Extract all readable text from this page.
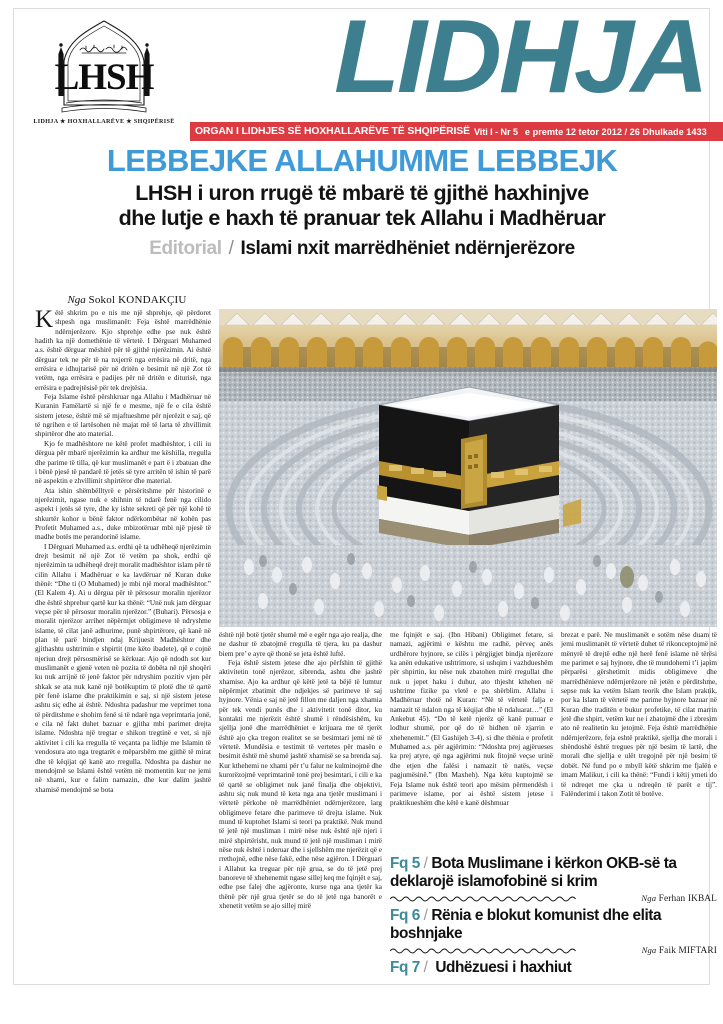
LHSH
LIDHJA ★ HOXHALLARËVE ★ SHQIPËRISË
LIDHJA
ORGAN I LIDHJES SË HOXHALLARËVE TË SHQIPËRISË Viti I - Nr 5 e premte 12 tetor 2012 / 26 Dhulkade 1433
LEBBEJKE ALLAHUMME LEBBEJK
LHSH i uron rrugë të mbarë të gjithë haxhinjve
dhe lutje e haxh të pranuar tek Allahu i Madhëruar
Editorial / Islami nxit marrëdhëniet ndërnjerëzore
Nga Sokol KONDAKÇIU

Këtë shkrim po e nis me një shprehje, që përdoret shpesh nga muslimanët: Feja është marrëdhënie ndërnjerëzore. Kjo shprehje edhe pse nuk është hadith ka një domethënie të vërtetë. I Dërguari Muhamed a.s. është dërguar mëshirë për të gjithë njerëzimin. Ai është dërguar tek ne për të na nxjerrë nga errësira në dritë, nga errësira e idhujtarisë për në dritën e besimit në një Zot të vetëm, nga errësira e padijes për në dritën e diturisë, nga errësira e padrejtësisë për tek drejtësia.

Feja Islame është përshkruar nga Allahu i Madhëruar në Kuranin Famëlartë si një fe e mesme, një fe e cila është sistem jetese, është më së mjaftueshme për njerëzit e saj, që të ngrihen e të lartësohen në majat më të larta të zhvillimit shpirtëror dhe ato material.

Kjo fe madhështore ne këtë profet madhështor, i cili iu dërgua për mbarë njerëzimin ka ardhur me këshilla, rregulla dhe parime të tilla, që kur muslimanët e part ë i zbatuan dhe i bënë pjesë të pandarë të jetës së tyre arritën të ishin të parë në aspektin e zhvillimit shpirtëror dhe material.

Ata ishin shëmbëlltyrë e përsëritshme për historinë e njerëzimit, ngase nuk e shihnin të ndarë fenë nga cilido aspekt i jetës së tyre, dhe ky ishte sekreti që për një kohë të shkurtër kohor u bënë faktor ndërkombëtar në kohën pas Profetit Muhamed a.s., duke mbizotëruar mbi një pjesë të madhe botës me perandorinë islame.

I Dërguari Muhamed a.s. erdhi që ta udhëheqë njerëzimin drejt besimit në një Zot të vetëm pa shok, erdhi që njerëzimin ta udhëheqë drejt moralit madhështor islam për të cilin Allahu i Madhëruar e ka lavdëruar në Kuran duke thënë: “Dhe ti (O Muhamed) je mbi një moral madhështor.” (El Kalem 4). Ai u dërgua për të përsosur moralin njerëzor dhe është shprehur qartë kur ka thënë: “Unë nuk jam dërguar veçse për të përsosur moralin njerëzor.” (Buhari). Përsosja e moralit njerëzor arrihet nëpërmjet obligimeve të ndryshme islame, të cilat janë adhurime, punë shpirtërore, që kanë në plan të parë bindjen ndaj Krijuesit Madhështor dhe gjithashtu ushtrimin e shpirtit (me këto ibadete), që e cojnë njeriun drejt përsosmërisë se kërkuar. Ajo që ndodh sot kur muslimanët e gjenë veten në pozita të dobëta në një shoqëri ku nuk arrijnë të jenë faktor për ndryshim pozitiv vjen për shkak se ata nuk kanë një botëkuptim të plotë dhe të qartë për fenë islame dhe praktikimin e saj, si një sistem jetese ashtu siç edhe ai është. Ndoshta padashur me veprimet tona të përditshme e shohim fenë si të ndarë nga veprimtaria jonë, e cila në fakt duhet bazuar e gjitha mbi parimet drejta islame. Ndoshta një tregtar e shikon tregtinë e vet, si një aktivitet i cili ka rregulla të veçanta pa lidhje me Islamin të vendosura ato nga tregtarët e mëparshëm me gjithë të mirat dhe të këqijat që kanë ato rregulla. Ndoshta pa dashur ne mendojmë se Islami është vetëm në momentin kur ne jemi në xhami, kur e falim namazin, dhe kur dalim jashtë xhamisë mendojmë se bota

është një botë tjetër shumë më e egër nga ajo realja, dhe ne dashur të zbatojmë rregulla të tjera, ku pa dashur biem pre’ e ayre që thonë se jeta është luftë.

Feja është sistem jetese dhe ajo përfshin të gjithë aktivitetin tonë njerëzor, sibrenda, ashtu dhe jashtë xhamise. Ajo ka ardhur që këtë jetë ta bëjë të lumtur nëpërmjet zbatimit dhe ndjekjes së parimeve të saj hyjnore. Vënia e saj në jetë fillon me daljen nga xhamia për tek vendi punës dhe i aktivitetit tonë ditor, ku kontakti me njerëzit është shumë i rëndësishëm, ku sjellja jonë dhe marrëdhëniet e krijuara me të tjerët është ajo çka tregon realitet se se besimtari jemi në të vërtetë. Mundësia e testimit të vertetes për masën e besimit është më shumë jashtë xhamisë se sa brenda saj. Kur kthehemi ne xhami për t’u falur ne kulminojmë dhe kurorëzojmë veprimtarinë tonë prej besimtari, i cili e ka të qartë se obligimet nuk janë finalja dhe objektivi, ashtu siç nuk mund të keta nga ana tjetër muslimani i vërtetë përkohe në marrëdhëniet ndërnjerëzore, larg obligimeve fetare dhe parimeve të drejta islame. Nuk mund të kuptohet Islami si teori pa praktikë. Nuk mund të jetë një musliman i mirë nëse nuk është një njeri i mirë shpirtërisht, nuk mund të jetë një musliman i mirë nëse nuk është i nderuar dhe i sjellshëm me njerëzit që e rrethojnë, edhe nëse fakë, edhe nëse agjëron. I Dërguari i Allahut ka treguar për një grua, se do të jetë prej banoreve të xhehenemit ngase sillej keq me fqinjët e saj, edhe pse falej dhe agjëronte, kurse nga ana tjetër ka thënë për një grua tjetër se do të jetë nga banorët e xhenetit vetëm se ajo sillej mirë

me fqinjët e saj. (Ibn Hibani) Obligimet fetare, si namazi, agjërimi e kështu me radhë, përveç anës urdhërore hyjnore, se cilës i përgjigjet bindja njerëzore ka anën edukative ushtrimore, si ushqim i vazhdueshëm për shpirtin, ku nëse nuk zbatohen mirë rregullat dhe nuk u jepet haku i duhur, ato thjesht kthehen në ushtrime fizike pa vletë e pa shërblim. Allahu i Madhëruar thotë në Kuran: “Në të vërtetë falja e namazit të ndalon nga të këqijat dhe të ndaluarat…” (El Ankebut 45). “Do të ketë njerëz që kanë punuar e lodhur shumë, por që do të hidhen në zjarrin e xhehenemit.” (El Gashijeh 3-4), si dhe thënia e profetit Muhamed a.s. për agjërimin: “Ndoshta prej agjërueses ka prej atyre, që nga agjërimi nuk fitojnë veçse urinë dhe etjen dhe falësi i namazit të natës, veçse pagjumësinë.” (Ibn Maxheh). Nga këtu kuptojmë se Feja Islame nuk është teori apo mësim përmendësh i parimeve islame, por ai është sistem jetese i praktikueshëm dhe këtë e kanë dëshmuar

brezat e parë. Ne muslimanët e sotëm nëse duam të jemi muslimanët të vërtetë duhet të rikonceptojmë në mënyrë të drejtë edhe një herë fenë islame në tërësi me parimet e saj hyjnore, dhe të mundohemi t’i japim përparësi gërshetimit midis obligimeve dhe marrëdhënieve ndërnjerëzore në jetën e përditshme, sepse nuk ka vetëm Islam teorik dhe Islam praktik, por ka Islam të vërtetë me parime hyjnore bazuar në Kuran dhe traditën e bukur profetike, të cilat marrin jetë dhe shpirt, vetëm kur ne i zbatojmë dhe i zbresim ato në realitetin ku jetojmë. Feja është marrëdhënie ndërnjerëzore, feja eshtë praktikë, sjellja dhe morali i shëndoshë është tregues për një besim të lartë, dhe morali dhe sjellja e ulët tregojnë për një besim të dobët. Në fund po e mbyll këtë shkrim me fjalën e imam Malikut, i cili ka thënë: “Fundi i këtij ymeti do të ndreqet me çka u ndreqën të parët e tij”. Falënderimi i takon Zotit të botëve.

Fq 5 / Bota Muslimane i kërkon OKB-së ta deklarojë islamofobinë si krim
Nga Ferhan IKBAL
Fq 6 / Rënia e blokut komunist dhe elita boshnjake
Nga Faik MIFTARI
Fq 7 / Udhëzuesi i haxhiut
